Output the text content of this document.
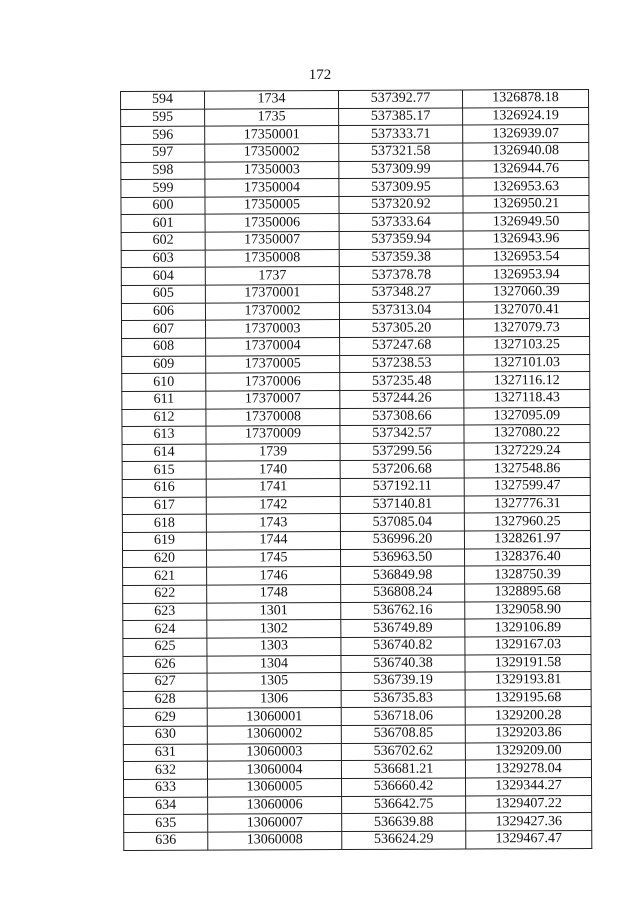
172
594	1734	537392.77	1326878.18
595	1735	537385.17	1326924.19
596	17350001	537333.71	1326939.07
597	17350002	537321.58	1326940.08
598	17350003	537309.99	1326944.76
599	17350004	537309.95	1326953.63
600	17350005	537320.92	1326950.21
601	17350006	537333.64	1326949.50
602	17350007	537359.94	1326943.96
603	17350008	537359.38	1326953.54
604	1737	537378.78	1326953.94
605	17370001	537348.27	1327060.39
606	17370002	537313.04	1327070.41
607	17370003	537305.20	1327079.73
608	17370004	537247.68	1327103.25
609	17370005	537238.53	1327101.03
610	17370006	537235.48	1327116.12
611	17370007	537244.26	1327118.43
612	17370008	537308.66	1327095.09
613	17370009	537342.57	1327080.22
614	1739	537299.56	1327229.24
615	1740	537206.68	1327548.86
616	1741	537192.11	1327599.47
617	1742	537140.81	1327776.31
618	1743	537085.04	1327960.25
619	1744	536996.20	1328261.97
620	1745	536963.50	1328376.40
621	1746	536849.98	1328750.39
622	1748	536808.24	1328895.68
623	1301	536762.16	1329058.90
624	1302	536749.89	1329106.89
625	1303	536740.82	1329167.03
626	1304	536740.38	1329191.58
627	1305	536739.19	1329193.81
628	1306	536735.83	1329195.68
629	13060001	536718.06	1329200.28
630	13060002	536708.85	1329203.86
631	13060003	536702.62	1329209.00
632	13060004	536681.21	1329278.04
633	13060005	536660.42	1329344.27
634	13060006	536642.75	1329407.22
635	13060007	536639.88	1329427.36
636	13060008	536624.29	1329467.47
